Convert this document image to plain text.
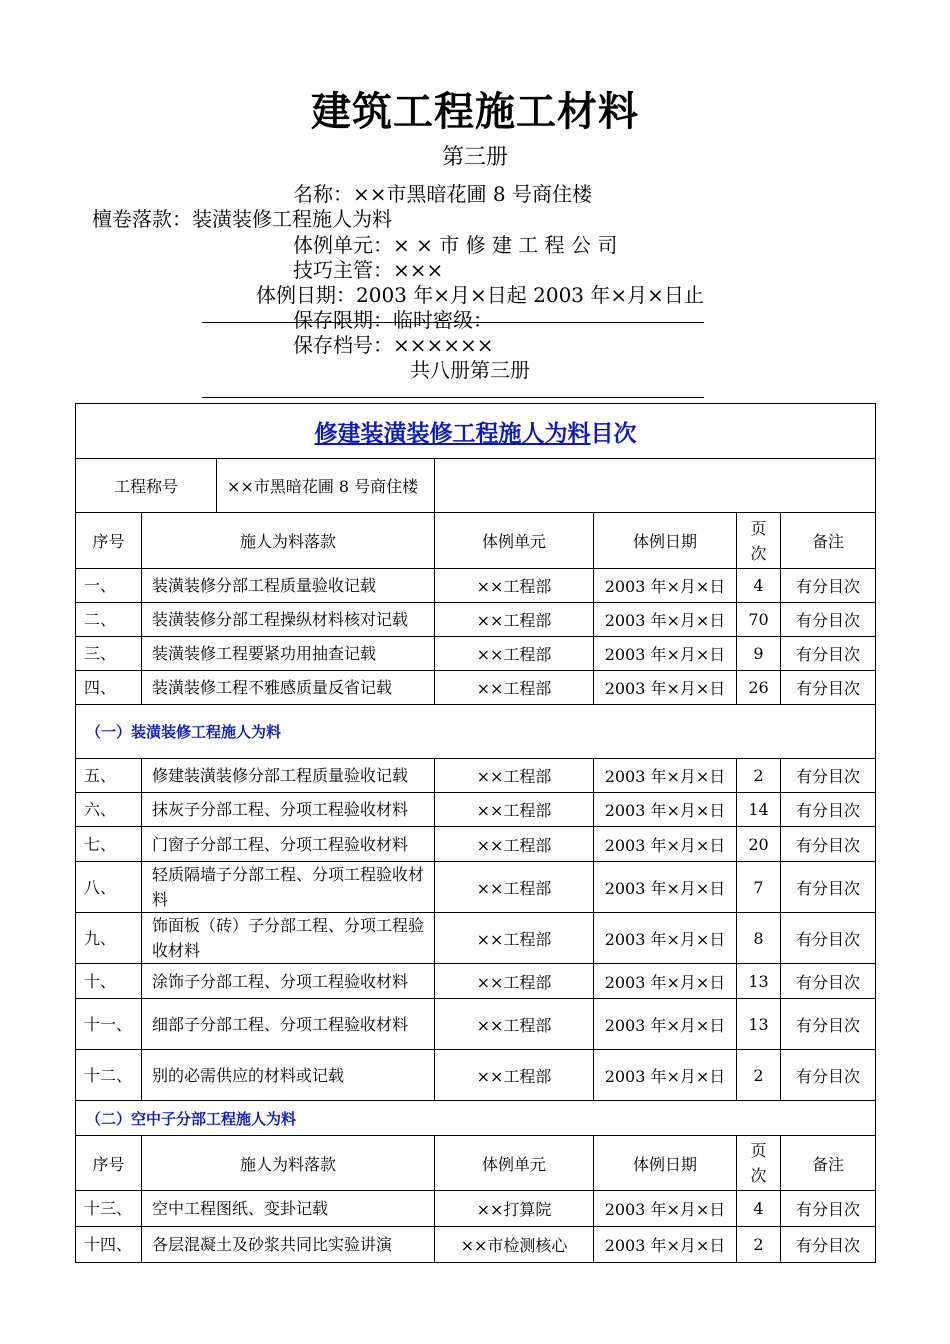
建筑工程施工材料
第三册
名称：××市黑暗花圃 8 号商住楼
檀卷落款：装潢装修工程施人为料
体例单元：× × 市 修 建 工 程 公 司
技巧主管：×××
体例日期：2003 年×月×日起 2003 年×月×日止
保存限期：临时密级：
保存档号：××××××
共八册第三册
修建装潢装修工程施人为料目次					

工程称号 ××市黑暗花圃 8 号商住楼					

序号	施人为料落款	体例单元	体例日期	页次	备注
一、	装潢装修分部工程质量验收记载	××工程部	2003 年×月×日	4	有分目次
二、	装潢装修分部工程操纵材料核对记载	××工程部	2003 年×月×日	70	有分目次
三、	装潢装修工程要紧功用抽查记载	××工程部	2003 年×月×日	9	有分目次
四、	装潢装修工程不雅感质量反省记载	××工程部	2003 年×月×日	26	有分目次
（一）装潢装修工程施人为料					
五、	修建装潢装修分部工程质量验收记载	××工程部	2003 年×月×日	2	有分目次
六、	抹灰子分部工程、分项工程验收材料	××工程部	2003 年×月×日	14	有分目次
七、	门窗子分部工程、分项工程验收材料	××工程部	2003 年×月×日	20	有分目次
八、	轻质隔墙子分部工程、分项工程验收材料	××工程部	2003 年×月×日	7	有分目次
九、	饰面板（砖）子分部工程、分项工程验收材料	××工程部	2003 年×月×日	8	有分目次
十、	涂饰子分部工程、分项工程验收材料	××工程部	2003 年×月×日	13	有分目次
十一、	细部子分部工程、分项工程验收材料	××工程部	2003 年×月×日	13	有分目次
十二、	别的必需供应的材料或记载	××工程部	2003 年×月×日	2	有分目次
（二）空中子分部工程施人为料					
序号	施人为料落款	体例单元	体例日期	页次	备注
十三、	空中工程图纸、变卦记载	××打算院	2003 年×月×日	4	有分目次
十四、	各层混凝土及砂浆共同比实验讲演	××市检测核心	2003 年×月×日	2	有分目次
